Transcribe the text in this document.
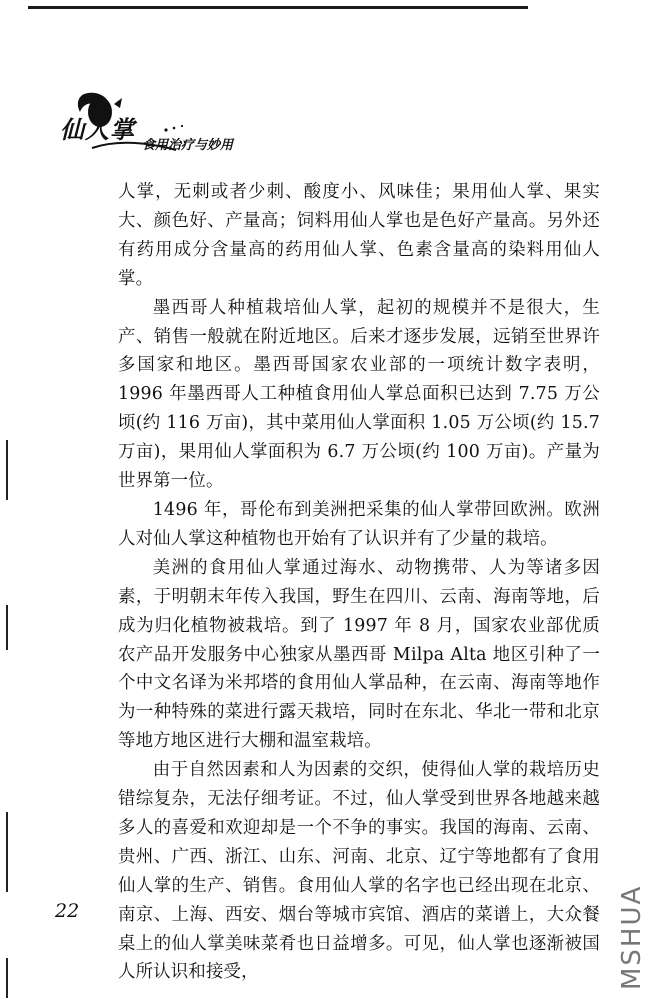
仙人掌
食用治疗与妙用

人掌，无刺或者少刺、酸度小、风味佳；果用仙人掌、果实大、颜色好、产量高；饲料用仙人掌也是色好产量高。另外还有药用成分含量高的药用仙人掌、色素含量高的染料用仙人掌。

墨西哥人种植栽培仙人掌，起初的规模并不是很大，生产、销售一般就在附近地区。后来才逐步发展，远销至世界许多国家和地区。墨西哥国家农业部的一项统计数字表明，1996 年墨西哥人工种植食用仙人掌总面积已达到 7.75 万公顷(约 116 万亩)，其中菜用仙人掌面积 1.05 万公顷(约 15.7 万亩)，果用仙人掌面积为 6.7 万公顷(约 100 万亩)。产量为世界第一位。

1496 年，哥伦布到美洲把采集的仙人掌带回欧洲。欧洲人对仙人掌这种植物也开始有了认识并有了少量的栽培。

美洲的食用仙人掌通过海水、动物携带、人为等诸多因素，于明朝末年传入我国，野生在四川、云南、海南等地，后成为归化植物被栽培。到了 1997 年 8 月，国家农业部优质农产品开发服务中心独家从墨西哥 Milpa Alta 地区引种了一个中文名译为米邦塔的食用仙人掌品种，在云南、海南等地作为一种特殊的菜进行露天栽培，同时在东北、华北一带和北京等地方地区进行大棚和温室栽培。

由于自然因素和人为因素的交织，使得仙人掌的栽培历史错综复杂，无法仔细考证。不过，仙人掌受到世界各地越来越多人的喜爱和欢迎却是一个不争的事实。我国的海南、云南、贵州、广西、浙江、山东、河南、北京、辽宁等地都有了食用仙人掌的生产、销售。食用仙人掌的名字也已经出现在北京、南京、上海、西安、烟台等城市宾馆、酒店的菜谱上，大众餐桌上的仙人掌美味菜肴也日益增多。可见，仙人掌也逐渐被国人所认识和接受，

22	MSHUA
